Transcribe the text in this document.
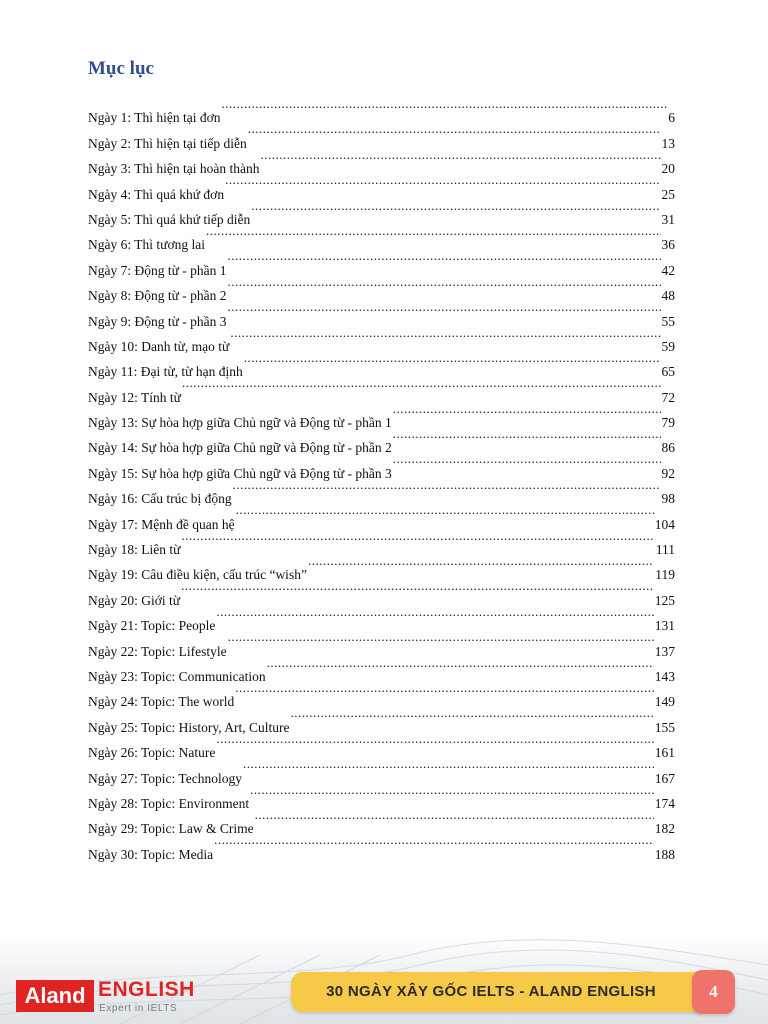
Mục lục
Ngày 1: Thì hiện tại đơn .....	6
Ngày 2: Thì hiện tại tiếp diễn .....	13
Ngày 3: Thì hiện tại hoàn thành .....	20
Ngày 4: Thì quá khứ đơn .....	25
Ngày 5: Thì quá khứ tiếp diễn .....	31
Ngày 6: Thì tương lai .....	36
Ngày 7: Động từ - phần 1 .....	42
Ngày 8: Động từ - phần 2 .....	48
Ngày 9: Động từ - phần 3 .....	55
Ngày 10: Danh từ, mạo từ .....	59
Ngày 11: Đại từ, từ hạn định .....	65
Ngày 12: Tính từ .....	72
Ngày 13: Sự hòa hợp giữa Chủ ngữ và Động từ - phần 1 .....	79
Ngày 14: Sự hòa hợp giữa Chủ ngữ và Động từ - phần 2 .....	86
Ngày 15: Sự hòa hợp giữa Chủ ngữ và Động từ - phần 3 .....	92
Ngày 16: Cấu trúc bị động .....	98
Ngày 17: Mệnh đề quan hệ .....	104
Ngày 18: Liên từ .....	111
Ngày 19: Câu điều kiện, cấu trúc “wish” .....	119
Ngày 20: Giới từ .....	125
Ngày 21: Topic: People .....	131
Ngày 22: Topic: Lifestyle .....	137
Ngày 23: Topic: Communication .....	143
Ngày 24: Topic: The world .....	149
Ngày 25: Topic: History, Art, Culture .....	155
Ngày 26: Topic: Nature .....	161
Ngày 27: Topic: Technology .....	167
Ngày 28: Topic: Environment .....	174
Ngày 29: Topic: Law & Crime .....	182
Ngày 30: Topic: Media .....	188
Aland ENGLISH
Expert in IELTS
30 NGÀY XÂY GỐC IELTS - ALAND ENGLISH	4
